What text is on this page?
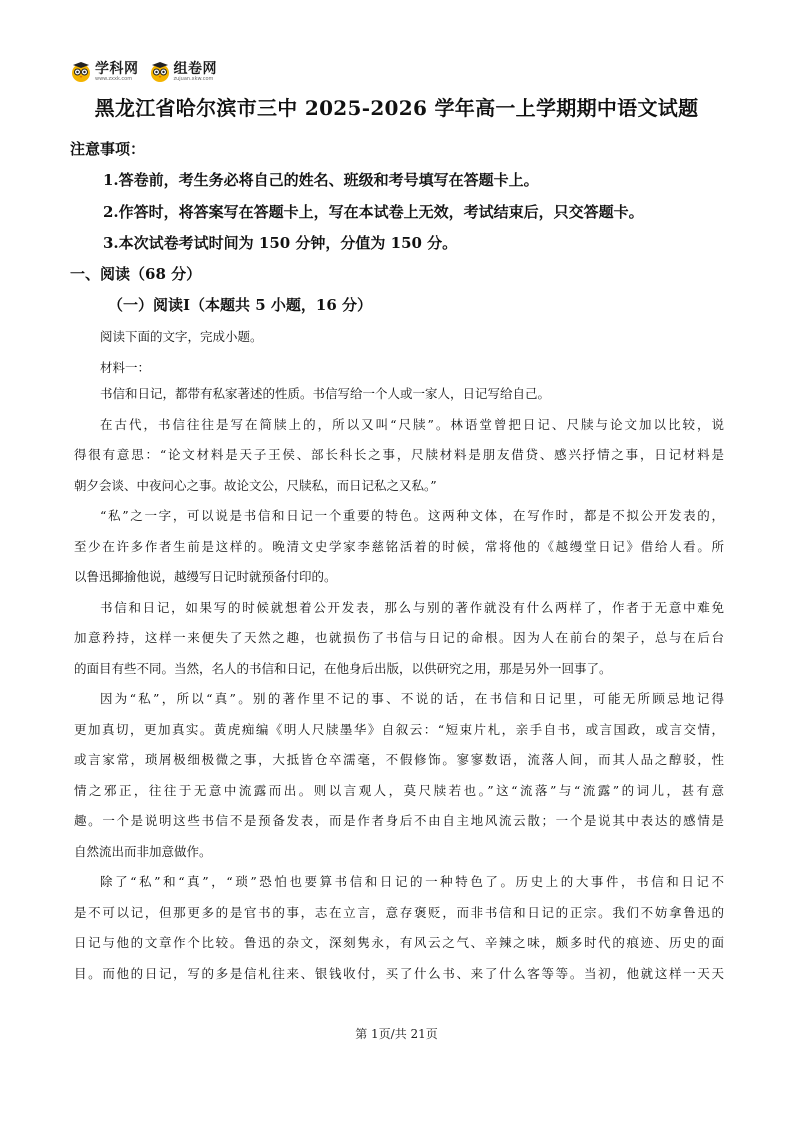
学科网
www.zxxk.com
组卷网
zujuan.xkw.com
黑龙江省哈尔滨市三中 2025-2026 学年高一上学期期中语文试题
注意事项：
1.答卷前，考生务必将自己的姓名、班级和考号填写在答题卡上。
2.作答时，将答案写在答题卡上，写在本试卷上无效，考试结束后，只交答题卡。
3.本次试卷考试时间为 150 分钟，分值为 150 分。
一、阅读（68 分）
（一）阅读Ⅰ（本题共 5 小题，16 分）
阅读下面的文字，完成小题。
材料一：
书信和日记，都带有私家著述的性质。书信写给一个人或一家人，日记写给自己。
在古代，书信往往是写在简牍上的，所以又叫“尺牍”。林语堂曾把日记、尺牍与论文加以比较，说
得很有意思：“论文材料是天子王侯、部长科长之事，尺牍材料是朋友借贷、感兴抒情之事，日记材料是
朝夕会谈、中夜问心之事。故论文公，尺牍私，而日记私之又私。”
“私”之一字，可以说是书信和日记一个重要的特色。这两种文体，在写作时，都是不拟公开发表的，
至少在许多作者生前是这样的。晚清文史学家李慈铭活着的时候，常将他的《越缦堂日记》借给人看。所
以鲁迅揶揄他说，越缦写日记时就预备付印的。
书信和日记，如果写的时候就想着公开发表，那么与别的著作就没有什么两样了，作者于无意中难免
加意矜持，这样一来便失了天然之趣，也就损伤了书信与日记的命根。因为人在前台的架子，总与在后台
的面目有些不同。当然，名人的书信和日记，在他身后出版，以供研究之用，那是另外一回事了。
因为“私”，所以“真”。别的著作里不记的事、不说的话，在书信和日记里，可能无所顾忌地记得
更加真切，更加真实。黄虎痴编《明人尺牍墨华》自叙云：“短束片札，亲手自书，或言国政，或言交情，
或言家常，琐屑极细极微之事，大抵皆仓卒濡毫，不假修饰。寥寥数语，流落人间，而其人品之醇驳，性
情之邪正，往往于无意中流露而出。则以言观人，莫尺牍若也。”这“流落”与“流露”的词儿，甚有意
趣。一个是说明这些书信不是预备发表，而是作者身后不由自主地风流云散；一个是说其中表达的感情是
自然流出而非加意做作。
除了“私”和“真”，“琐”恐怕也要算书信和日记的一种特色了。历史上的大事件，书信和日记不
是不可以记，但那更多的是官书的事，志在立言，意存褒贬，而非书信和日记的正宗。我们不妨拿鲁迅的
日记与他的文章作个比较。鲁迅的杂文，深刻隽永，有风云之气、辛辣之味，颇多时代的痕迹、历史的面
目。而他的日记，写的多是信札往来、银钱收付，买了什么书、来了什么客等等。当初，他就这样一天天
第 1页/共 21页
